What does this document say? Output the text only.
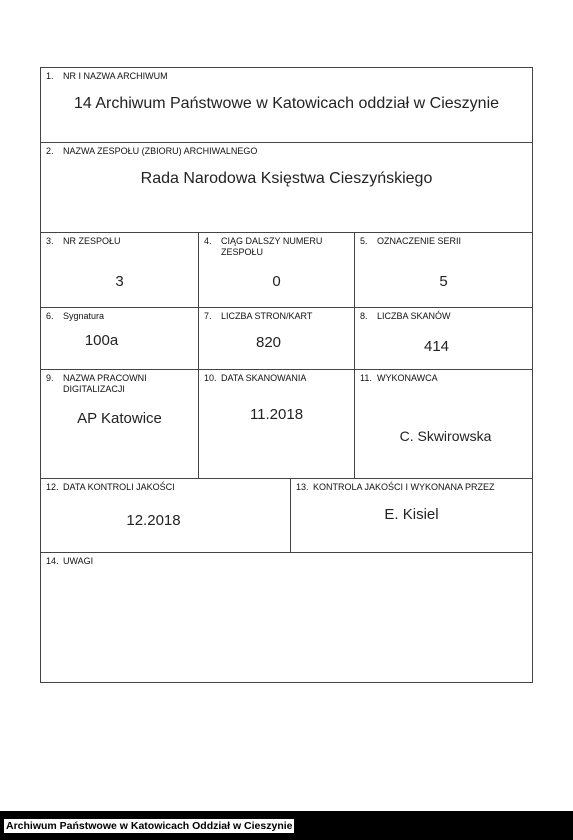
1.	NR I NAZWA ARCHIWUM
14 Archiwum Państwowe w Katowicach oddział w Cieszynie
2.	NAZWA ZESPOŁU (ZBIORU) ARCHIWALNEGO
Rada Narodowa Księstwa Cieszyńskiego
3.	NR ZESPOŁU
3
4.	CIĄG DALSZY NUMERU ZESPOŁU
0
5.	OZNACZENIE SERII
5
6.	Sygnatura
100a
7.	LICZBA STRON/KART
820
8.	LICZBA SKANÓW
414
9.	NAZWA PRACOWNI DIGITALIZACJI
AP Katowice
10. DATA SKANOWANIA
11.2018
11. WYKONAWCA
C. Skwirowska
12. DATA KONTROLI JAKOŚCI
12.2018
13. KONTROLA JAKOŚCI I WYKONANA PRZEZ
E. Kisiel
14. UWAGI
Archiwum Państwowe w Katowicach Oddział w Cieszynie
